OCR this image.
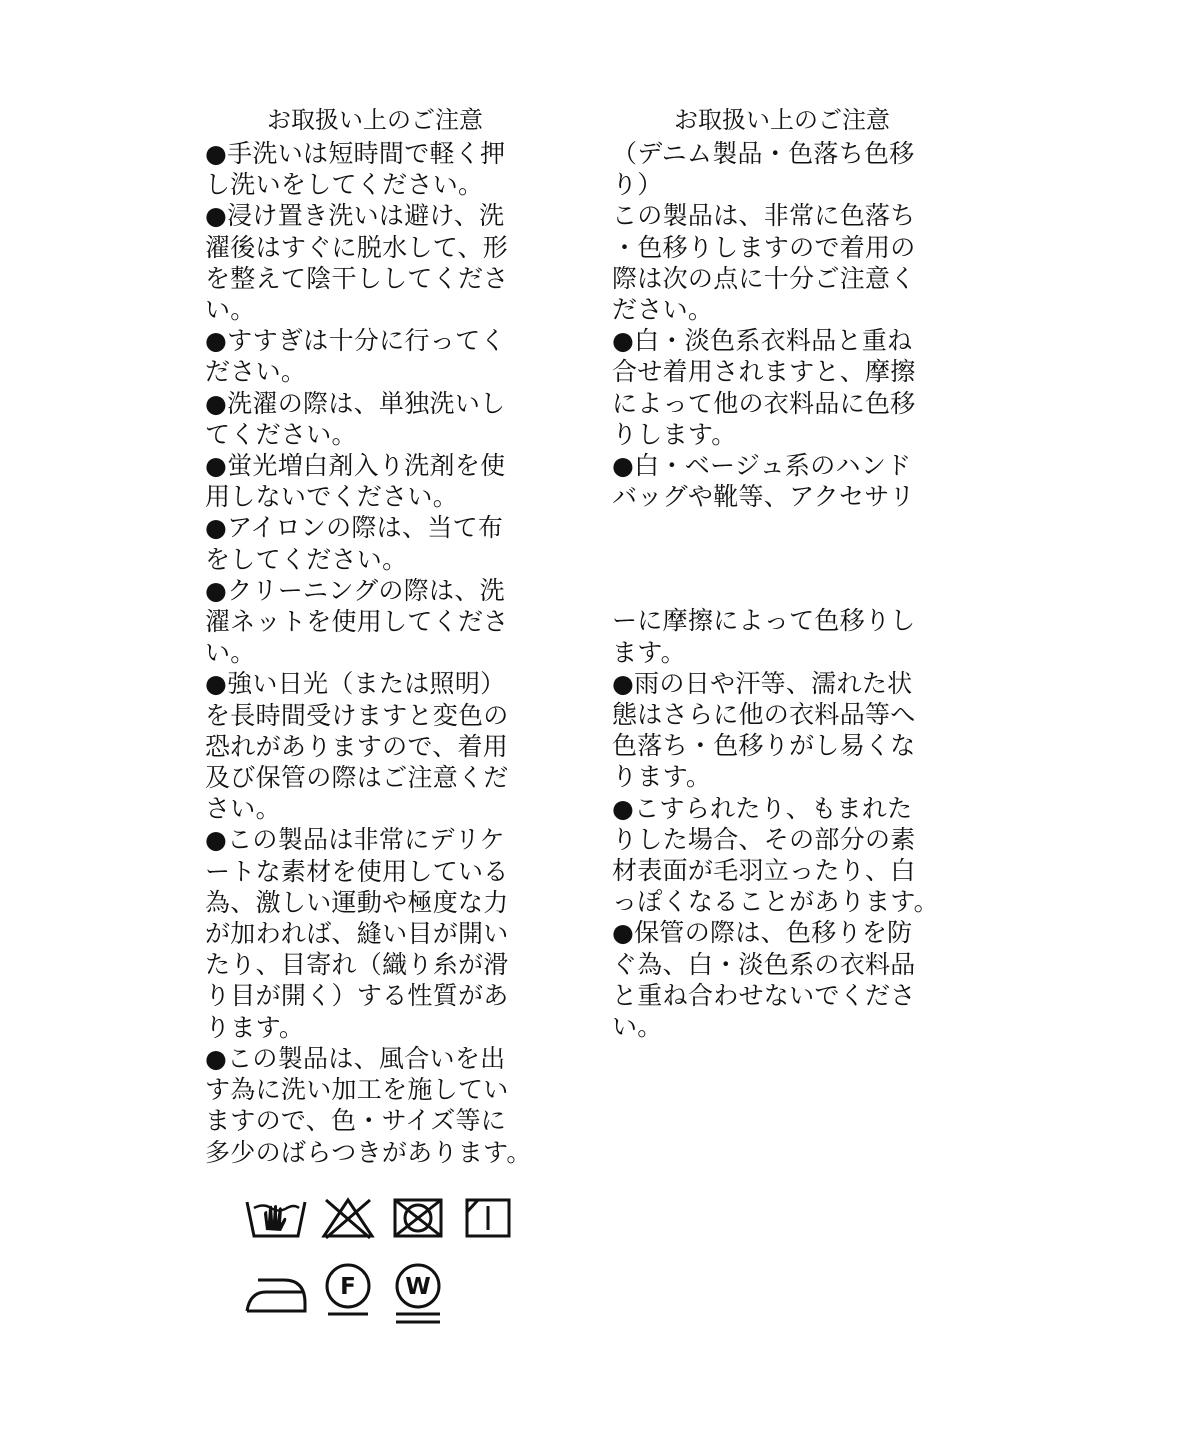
お取扱い上のご注意
●手洗いは短時間で軽く押
し洗いをしてください。
●浸け置き洗いは避け、洗
濯後はすぐに脱水して、形
を整えて陰干ししてくださ
い。
●すすぎは十分に行ってく
ださい。
●洗濯の際は、単独洗いし
てください。
●蛍光増白剤入り洗剤を使
用しないでください。
●アイロンの際は、当て布
をしてください。
●クリーニングの際は、洗
濯ネットを使用してくださ
い。
●強い日光（または照明）
を長時間受けますと変色の
恐れがありますので、着用
及び保管の際はご注意くだ
さい。
●この製品は非常にデリケ
ートな素材を使用している
為、激しい運動や極度な力
が加われば、縫い目が開い
たり、目寄れ（織り糸が滑
り目が開く）する性質があ
ります。
●この製品は、風合いを出
す為に洗い加工を施してい
ますので、色・サイズ等に
多少のばらつきがあります。
お取扱い上のご注意
（デニム製品・色落ち色移
り）
この製品は、非常に色落ち
・色移りしますので着用の
際は次の点に十分ご注意く
ださい。
●白・淡色系衣料品と重ね
合せ着用されますと、摩擦
によって他の衣料品に色移
りします。
●白・ベージュ系のハンド
バッグや靴等、アクセサリ
ーに摩擦によって色移りし
ます。
●雨の日や汗等、濡れた状
態はさらに他の衣料品等へ
色落ち・色移りがし易くな
ります。
●こすられたり、もまれた
りした場合、その部分の素
材表面が毛羽立ったり、白
っぽくなることがあります。
●保管の際は、色移りを防
ぐ為、白・淡色系の衣料品
と重ね合わせないでくださ
い。
F W
